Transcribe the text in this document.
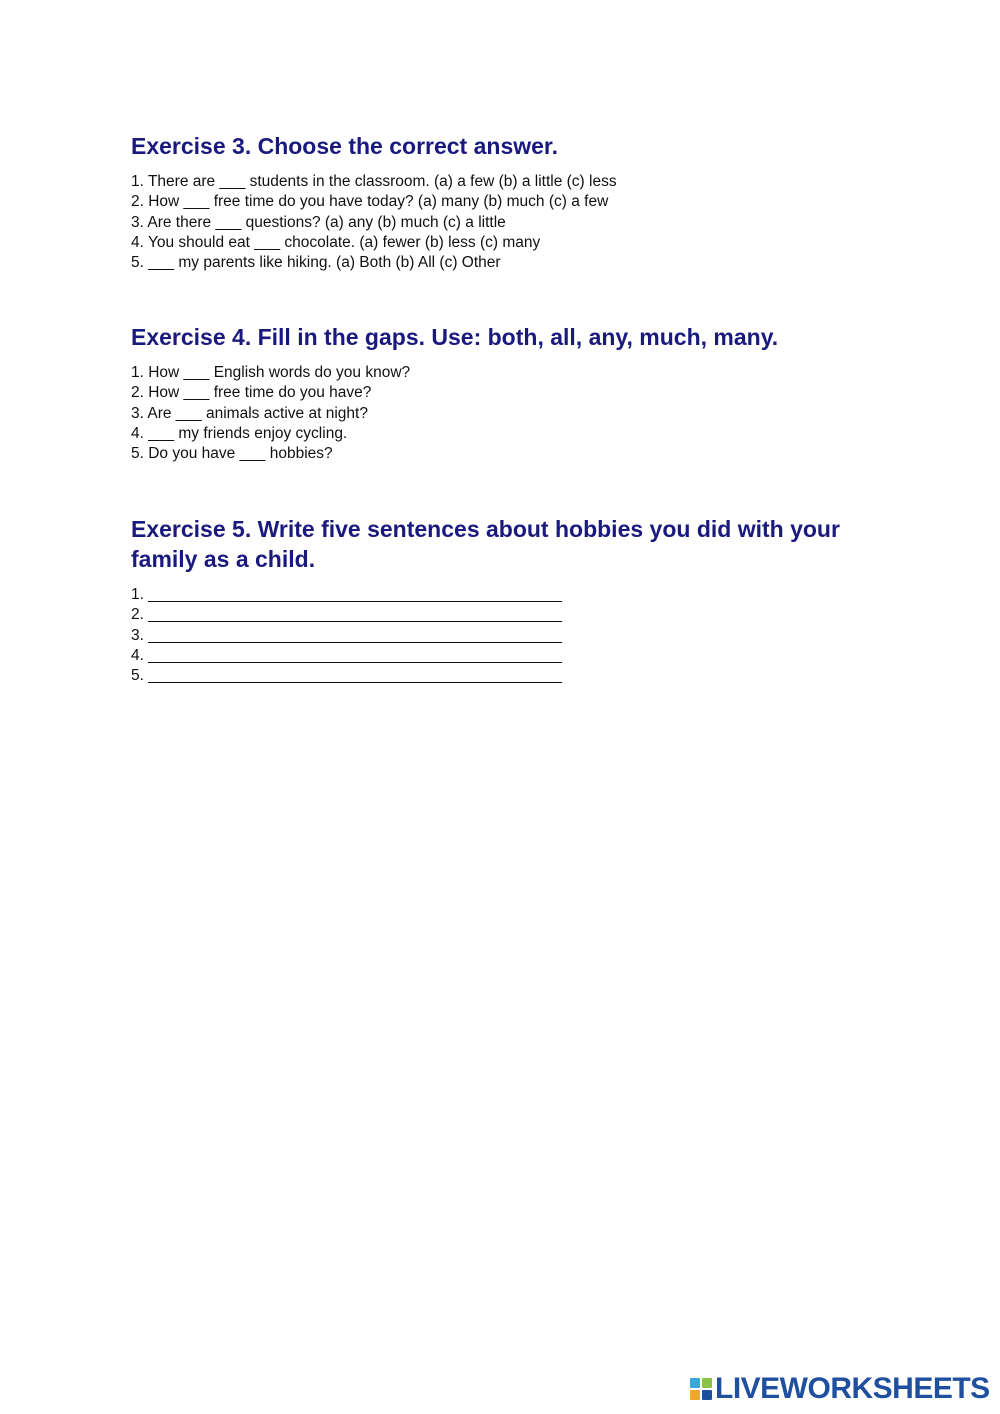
Exercise 3. Choose the correct answer.
1. There are ___ students in the classroom. (a) a few (b) a little (c) less
2. How ___ free time do you have today? (a) many (b) much (c) a few
3. Are there ___ questions? (a) any (b) much (c) a little
4. You should eat ___ chocolate. (a) fewer (b) less (c) many
5. ___ my parents like hiking. (a) Both (b) All (c) Other
Exercise 4. Fill in the gaps. Use: both, all, any, much, many.
1. How ___ English words do you know?
2. How ___ free time do you have?
3. Are ___ animals active at night?
4. ___ my friends enjoy cycling.
5. Do you have ___ hobbies?
Exercise 5. Write five sentences about hobbies you did with your family as a child.
1. ________________________________________________
2. ________________________________________________
3. ________________________________________________
4. ________________________________________________
5. ________________________________________________
LIVEWORKSHEETS
